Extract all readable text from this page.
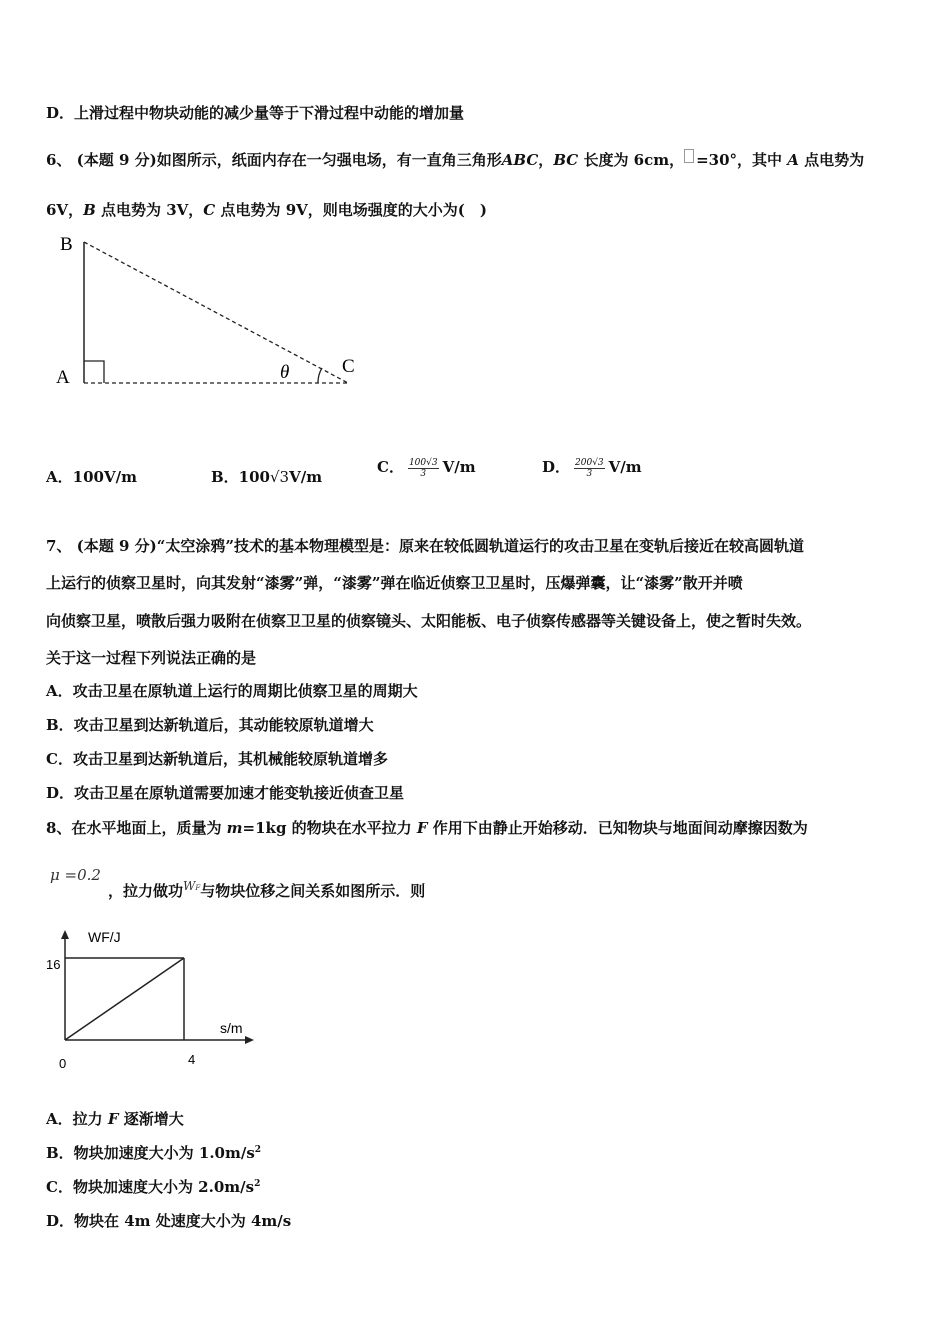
D．上滑过程中物块动能的减少量等于下滑过程中动能的增加量
6、 (本题 9 分)如图所示，纸面内存在一匀强电场，有一直角三角形ABC，BC 长度为 6cm， =30°，其中 A 点电势为
6V，B 点电势为 3V，C 点电势为 9V，则电场强度的大小为(　)
B
A
C
θ
A．100V/m	B．100√3V/m
C． $\frac{100√3}{3} V/m$	D． $\frac{200√3}{3} V/m$
7、 (本题 9 分)“太空涂鸦”技术的基本物理模型是：原来在较低圆轨道运行的攻击卫星在变轨后接近在较高圆轨道
上运行的侦察卫星时，向其发射“漆雾”弹，“漆雾”弹在临近侦察卫卫星时，压爆弹囊，让“漆雾”散开并喷
向侦察卫星，喷散后强力吸附在侦察卫卫星的侦察镜头、太阳能板、电子侦察传感器等关键设备上，使之暂时失效。
关于这一过程下列说法正确的是
A．攻击卫星在原轨道上运行的周期比侦察卫星的周期大
B．攻击卫星到达新轨道后，其动能较原轨道增大
C．攻击卫星到达新轨道后，其机械能较原轨道增多
D．攻击卫星在原轨道需要加速才能变轨接近侦查卫星
8、在水平地面上，质量为 m=1kg 的物块在水平拉力 F 作用下由静止开始移动．已知物块与地面间动摩擦因数为
μ =0.2
，拉力做功$^{WF}$与物块位移之间关系如图所示．则
WF/J
s/m
16
0	4
A．拉力 F 逐渐增大
B．物块加速度大小为 $1.0m/s^2$
C．物块加速度大小为 $2.0m/s^2$
D．物块在 4m 处速度大小为 4m/s
